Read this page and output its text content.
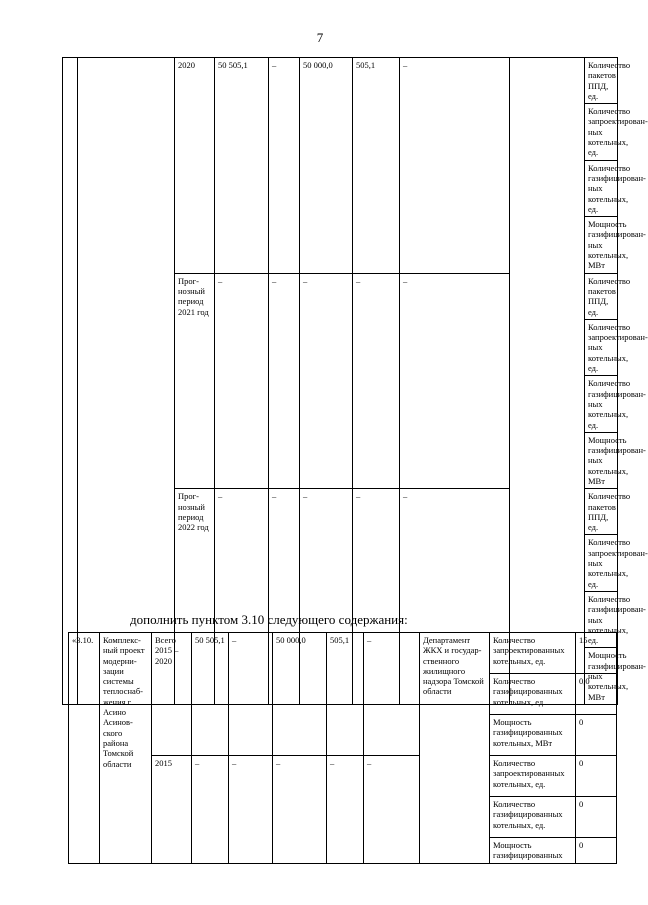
7
		2020	50 505,1	–	50 000,0	505,1	–		Количество пакетов ППД, ед.	
									Количество запроектирован-ных котельных, ед.	
									Количество газифицирован-ных котельных, ед.	
									Мощность газифицирован-ных котельных, МВт	
		Прог-нозный период 2021 год	–	–	–	–	–		Количество пакетов ППД, ед.	
									Количество запроектирован-ных котельных, ед.	
									Количество газифицирован-ных котельных, ед.	
									Мощность газифицирован-ных котельных, МВт	
		Прог-нозный период 2022 год	–	–	–	–	–		Количество пакетов ППД, ед.	
									Количество запроектирован-ных котельных, ед.	
									Количество газифицирован-ных котельных, ед.	
									Мощность газифицирован-ных котельных, МВт	
дополнить пунктом 3.10 следующего содержания:
«3.10.	Комплекс-ный проект модерни-зации системы теплоснаб-жения г. Асино Асинов-ского района Томской области	Всего 2015 – 2020	50 505,1	–	50 000,0	505,1	–	Департамент ЖКХ и государ-ственного жилищного надзора Томской области	Количество запроектированных котельных, ед.	15
									Количество газифицированных котельных, ед.	0,0
									Мощность газифицированных котельных, МВт	0
		2015	–	–	–	–	–		Количество запроектированных котельных, ед.	0
									Количество газифицированных котельных, ед.	0
									Мощность газифицированных	0
